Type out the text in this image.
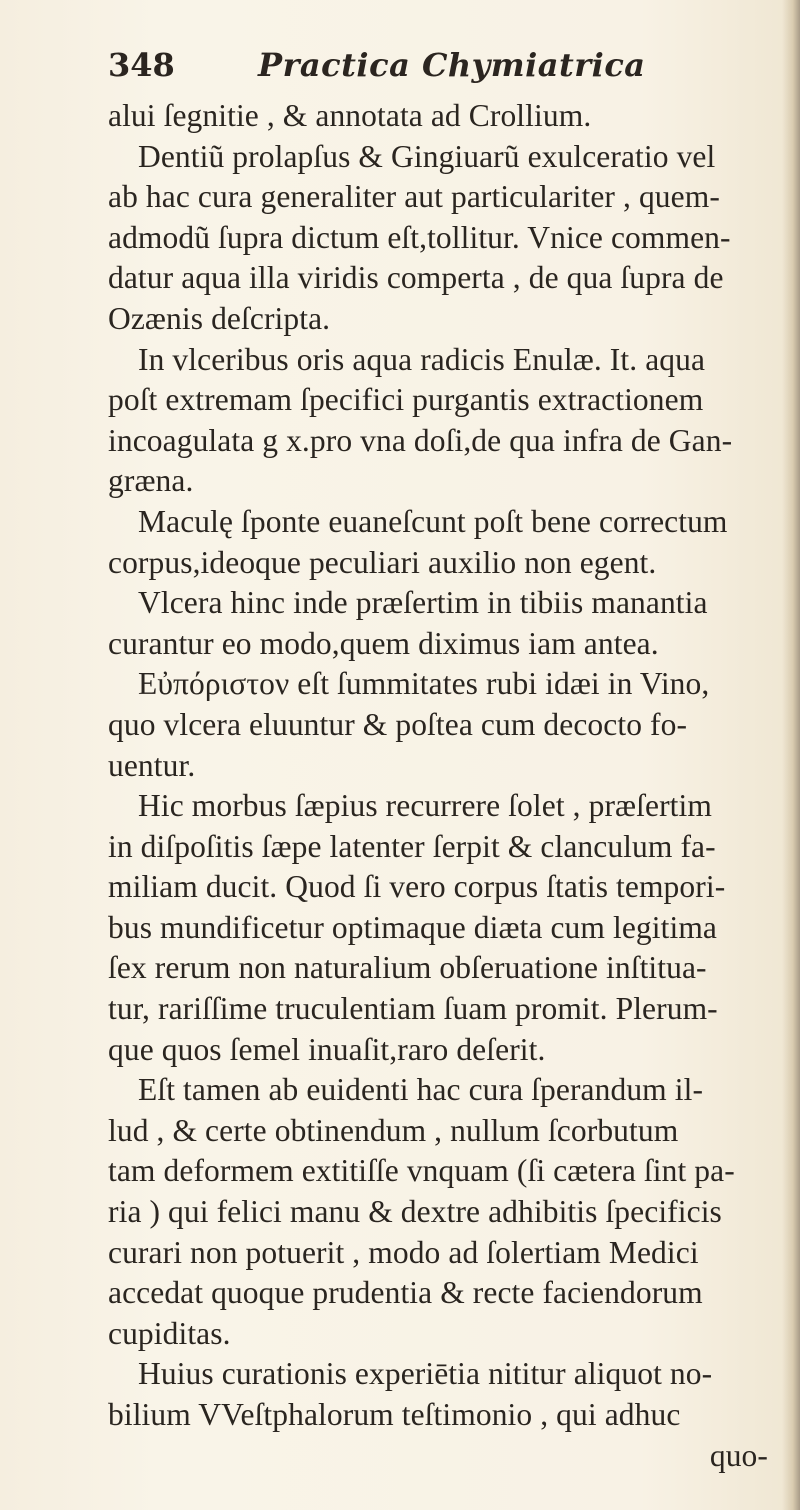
348	Practica Chymiatrica
alui ſegnitie , & annotata ad Crollium.
Dentiũ prolapſus & Gingiuarũ exulceratio vel
ab hac cura generaliter aut particulariter , quem-
admodũ ſupra dictum eſt,tollitur. Vnice commen-
datur aqua illa viridis comperta , de qua ſupra de
Ozænis deſcripta.
In vlceribus oris aqua radicis Enulæ. It. aqua
poſt extremam ſpecifici purgantis extractionem
incoagulata g x.pro vna doſi,de qua infra de Gan-
græna.
Maculę ſponte euaneſcunt poſt bene correctum
corpus,ideoque peculiari auxilio non egent.
Vlcera hinc inde præſertim in tibiis manantia
curantur eo modo,quem diximus iam antea.
Εὐπόριστον eſt ſummitates rubi idæi in Vino,
quo vlcera eluuntur & poſtea cum decocto fo-
uentur.
Hic morbus ſæpius recurrere ſolet , præſertim
in diſpoſitis ſæpe latenter ſerpit & clanculum fa-
miliam ducit. Quod ſi vero corpus ſtatis tempori-
bus mundificetur optimaque diæta cum legitima
ſex rerum non naturalium obſeruatione inſtitua-
tur, rariſſime truculentiam ſuam promit. Plerum-
que quos ſemel inuaſit,raro deſerit.
Eſt tamen ab euidenti hac cura ſperandum il-
lud , & certe obtinendum , nullum ſcorbutum
tam deformem extitiſſe vnquam (ſi cætera ſint pa-
ria ) qui felici manu & dextre adhibitis ſpecificis
curari non potuerit , modo ad ſolertiam Medici
accedat quoque prudentia & recte faciendorum
cupiditas.
Huius curationis experiētia nititur aliquot no-
bilium VVeſtphalorum teſtimonio , qui adhuc
quo-
